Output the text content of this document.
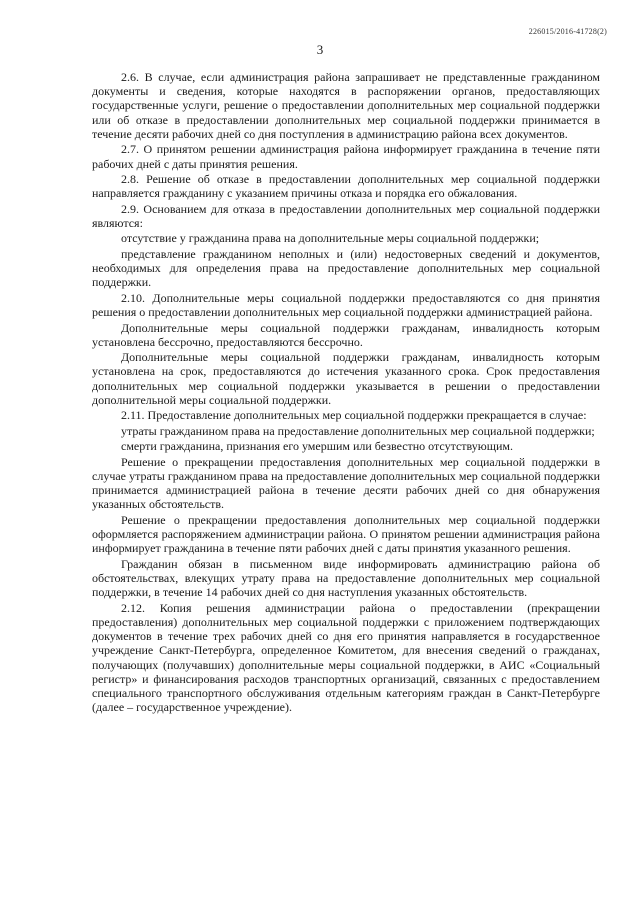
226015/2016-41728(2)
3

2.6. В случае, если администрация района запрашивает не представленные гражданином документы и сведения, которые находятся в распоряжении органов, предоставляющих государственные услуги, решение о предоставлении дополнительных мер социальной поддержки или об отказе в предоставлении дополнительных мер социальной поддержки принимается в течение десяти рабочих дней со дня поступления в администрацию района всех документов.

2.7. О принятом решении администрация района информирует гражданина в течение пяти рабочих дней с даты принятия решения.

2.8. Решение об отказе в предоставлении дополнительных мер социальной поддержки направляется гражданину с указанием причины отказа и порядка его обжалования.

2.9. Основанием для отказа в предоставлении дополнительных мер социальной поддержки являются:

отсутствие у гражданина права на дополнительные меры социальной поддержки;

представление гражданином неполных и (или) недостоверных сведений и документов, необходимых для определения права на предоставление дополнительных мер социальной поддержки.

2.10. Дополнительные меры социальной поддержки предоставляются со дня принятия решения о предоставлении дополнительных мер социальной поддержки администрацией района.

Дополнительные меры социальной поддержки гражданам, инвалидность которым установлена бессрочно, предоставляются бессрочно.

Дополнительные меры социальной поддержки гражданам, инвалидность которым установлена на срок, предоставляются до истечения указанного срока. Срок предоставления дополнительных мер социальной поддержки указывается в решении о предоставлении дополнительной меры социальной поддержки.

2.11. Предоставление дополнительных мер социальной поддержки прекращается в случае:

утраты гражданином права на предоставление дополнительных мер социальной поддержки;

смерти гражданина, признания его умершим или безвестно отсутствующим.

Решение о прекращении предоставления дополнительных мер социальной поддержки в случае утраты гражданином права на предоставление дополнительных мер социальной поддержки принимается администрацией района в течение десяти рабочих дней со дня обнаружения указанных обстоятельств.

Решение о прекращении предоставления дополнительных мер социальной поддержки оформляется распоряжением администрации района. О принятом решении администрация района информирует гражданина в течение пяти рабочих дней с даты принятия указанного решения.

Гражданин обязан в письменном виде информировать администрацию района об обстоятельствах, влекущих утрату права на предоставление дополнительных мер социальной поддержки, в течение 14 рабочих дней со дня наступления указанных обстоятельств.

2.12. Копия решения администрации района о предоставлении (прекращении предоставления) дополнительных мер социальной поддержки с приложением подтверждающих документов в течение трех рабочих дней со дня его принятия направляется в государственное учреждение Санкт-Петербурга, определенное Комитетом, для внесения сведений о гражданах, получающих (получавших) дополнительные меры социальной поддержки, в АИС «Социальный регистр» и финансирования расходов транспортных организаций, связанных с предоставлением специального транспортного обслуживания отдельным категориям граждан в Санкт-Петербурге (далее – государственное учреждение).
